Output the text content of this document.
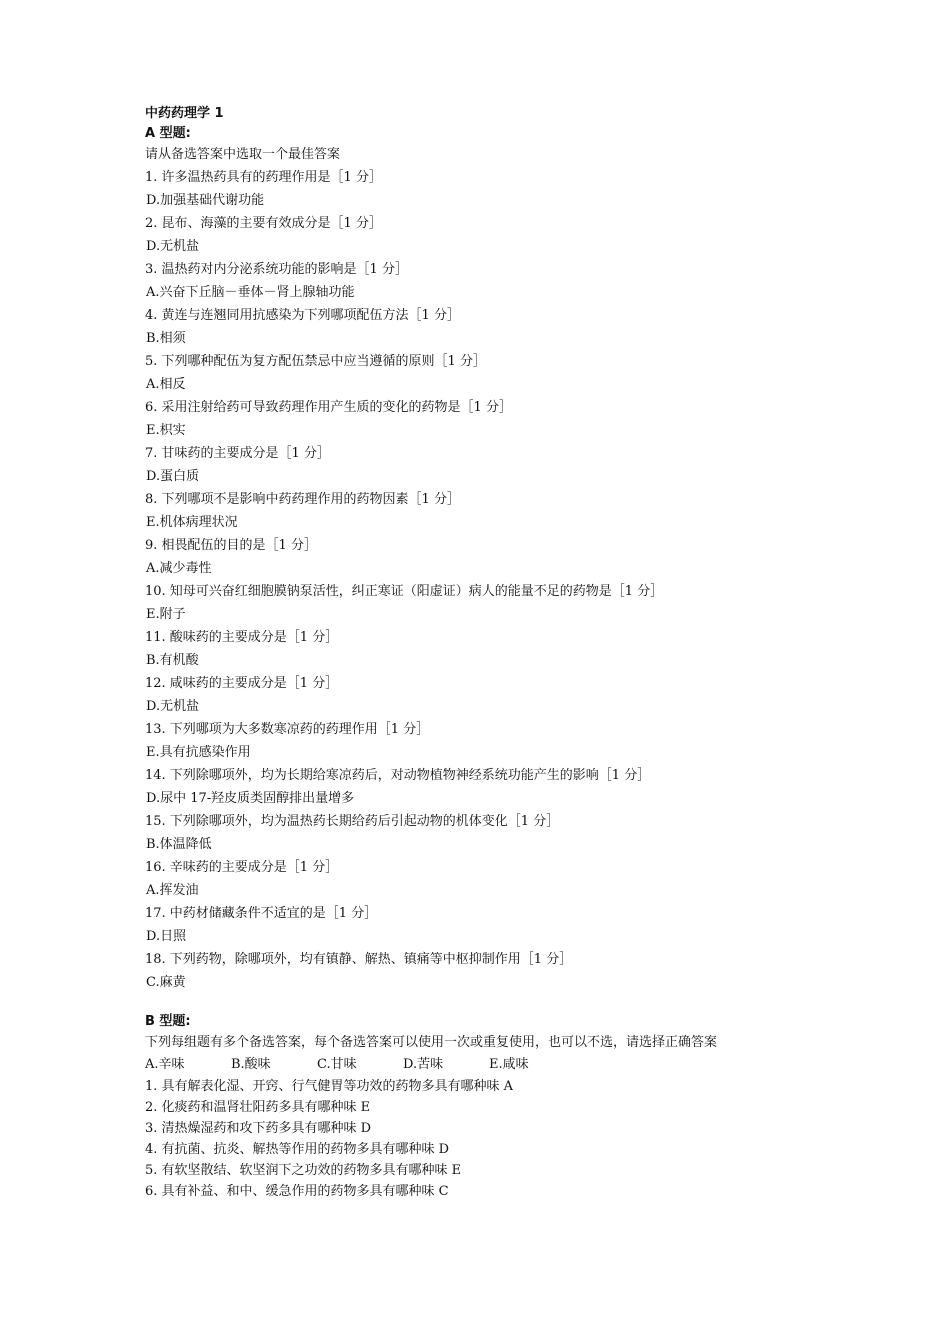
中药药理学 1
A 型题:
请从备选答案中选取一个最佳答案
1. 许多温热药具有的药理作用是［1 分］
D.加强基础代谢功能
2. 昆布、海藻的主要有效成分是［1 分］
D.无机盐
3. 温热药对内分泌系统功能的影响是［1 分］
A.兴奋下丘脑－垂体－肾上腺轴功能
4. 黄连与连翘同用抗感染为下列哪项配伍方法［1 分］
B.相须
5. 下列哪种配伍为复方配伍禁忌中应当遵循的原则［1 分］
A.相反
6. 采用注射给药可导致药理作用产生质的变化的药物是［1 分］
E.枳实
7. 甘味药的主要成分是［1 分］
D.蛋白质
8. 下列哪项不是影响中药药理作用的药物因素［1 分］
E.机体病理状况
9. 相畏配伍的目的是［1 分］
A.减少毒性
10. 知母可兴奋红细胞膜钠泵活性，纠正寒证（阳虚证）病人的能量不足的药物是［1 分］
E.附子
11. 酸味药的主要成分是［1 分］
B.有机酸
12. 咸味药的主要成分是［1 分］
D.无机盐
13. 下列哪项为大多数寒凉药的药理作用［1 分］
E.具有抗感染作用
14. 下列除哪项外，均为长期给寒凉药后，对动物植物神经系统功能产生的影响［1 分］
D.尿中 17-羟皮质类固醇排出量增多
15. 下列除哪项外，均为温热药长期给药后引起动物的机体变化［1 分］
B.体温降低
16. 辛味药的主要成分是［1 分］
A.挥发油
17. 中药材储藏条件不适宜的是［1 分］
D.日照
18. 下列药物，除哪项外，均有镇静、解热、镇痛等中枢抑制作用［1 分］
C.麻黄
B 型题:
下列每组题有多个备选答案，每个备选答案可以使用一次或重复使用，也可以不选，请选择正确答案
A.辛味	B.酸味	C.甘味	D.苦味	E.咸味
1. 具有解表化湿、开窍、行气健胃等功效的药物多具有哪种味 A
2. 化痰药和温肾壮阳药多具有哪种味 E
3. 清热燥湿药和攻下药多具有哪种味 D
4. 有抗菌、抗炎、解热等作用的药物多具有哪种味 D
5. 有软坚散结、软坚润下之功效的药物多具有哪种味 E
6. 具有补益、和中、缓急作用的药物多具有哪种味 C
